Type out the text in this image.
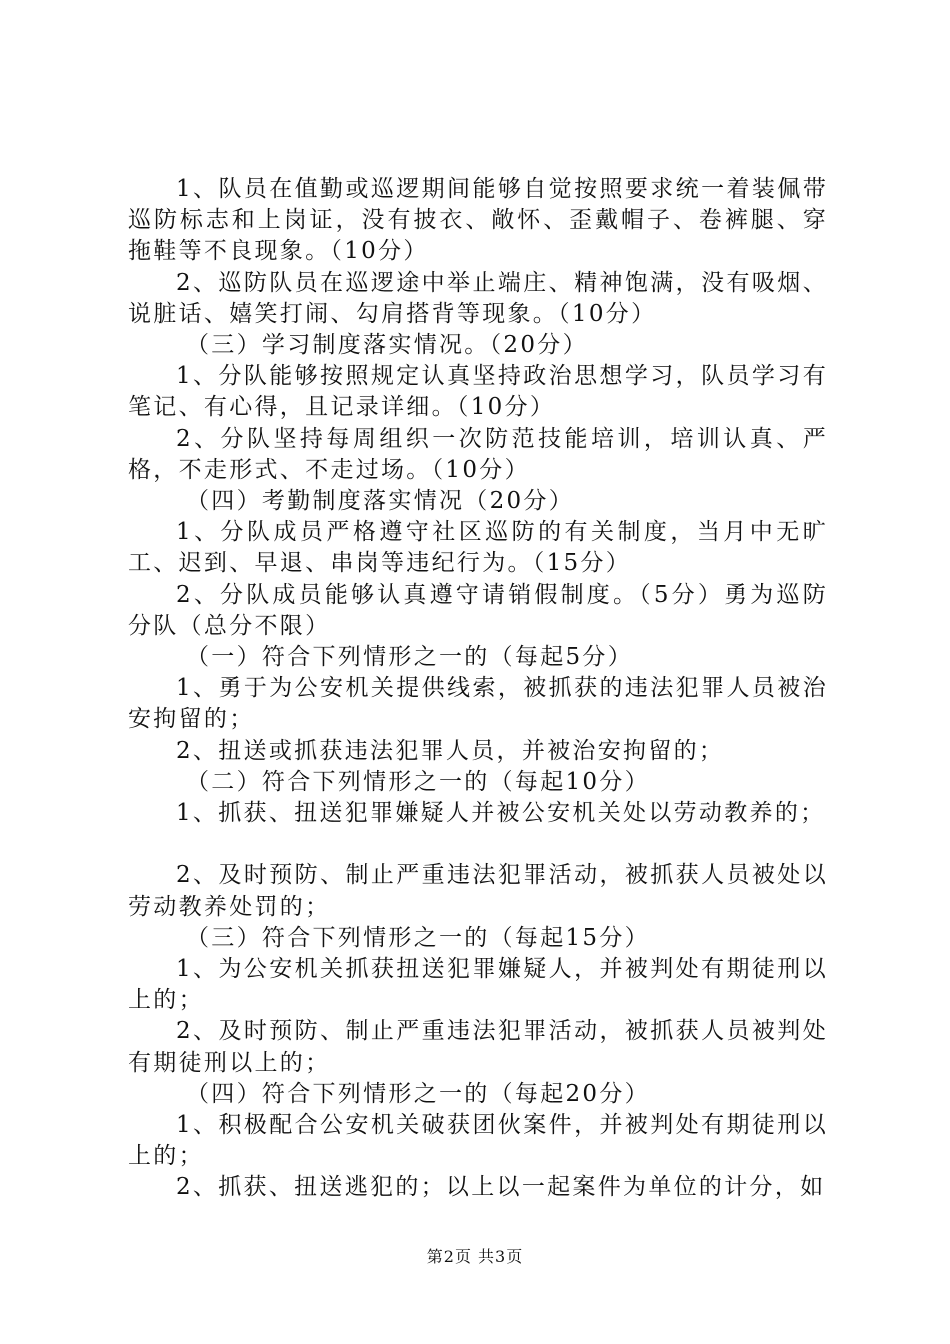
1、队员在值勤或巡逻期间能够自觉按照要求统一着装佩带巡防标志和上岗证，没有披衣、敞怀、歪戴帽子、卷裤腿、穿拖鞋等不良现象。（10分）

2、巡防队员在巡逻途中举止端庄、精神饱满，没有吸烟、说脏话、嬉笑打闹、勾肩搭背等现象。（10分）

（三）学习制度落实情况。（20分）

1、分队能够按照规定认真坚持政治思想学习，队员学习有笔记、有心得，且记录详细。（10分）

2、分队坚持每周组织一次防范技能培训，培训认真、严格，不走形式、不走过场。（10分）

（四）考勤制度落实情况（20分）

1、分队成员严格遵守社区巡防的有关制度，当月中无旷工、迟到、早退、串岗等违纪行为。（15分）

2、分队成员能够认真遵守请销假制度。（5分）勇为巡防分队（总分不限）

（一）符合下列情形之一的（每起5分）

1、勇于为公安机关提供线索，被抓获的违法犯罪人员被治安拘留的；

2、扭送或抓获违法犯罪人员，并被治安拘留的；

（二）符合下列情形之一的（每起10分）

1、抓获、扭送犯罪嫌疑人并被公安机关处以劳动教养的；

2、及时预防、制止严重违法犯罪活动，被抓获人员被处以劳动教养处罚的；

（三）符合下列情形之一的（每起15分）

1、为公安机关抓获扭送犯罪嫌疑人，并被判处有期徒刑以上的；

2、及时预防、制止严重违法犯罪活动，被抓获人员被判处有期徒刑以上的；

（四）符合下列情形之一的（每起20分）

1、积极配合公安机关破获团伙案件，并被判处有期徒刑以上的；

2、抓获、扭送逃犯的；以上以一起案件为单位的计分，如

第2页 共3页
